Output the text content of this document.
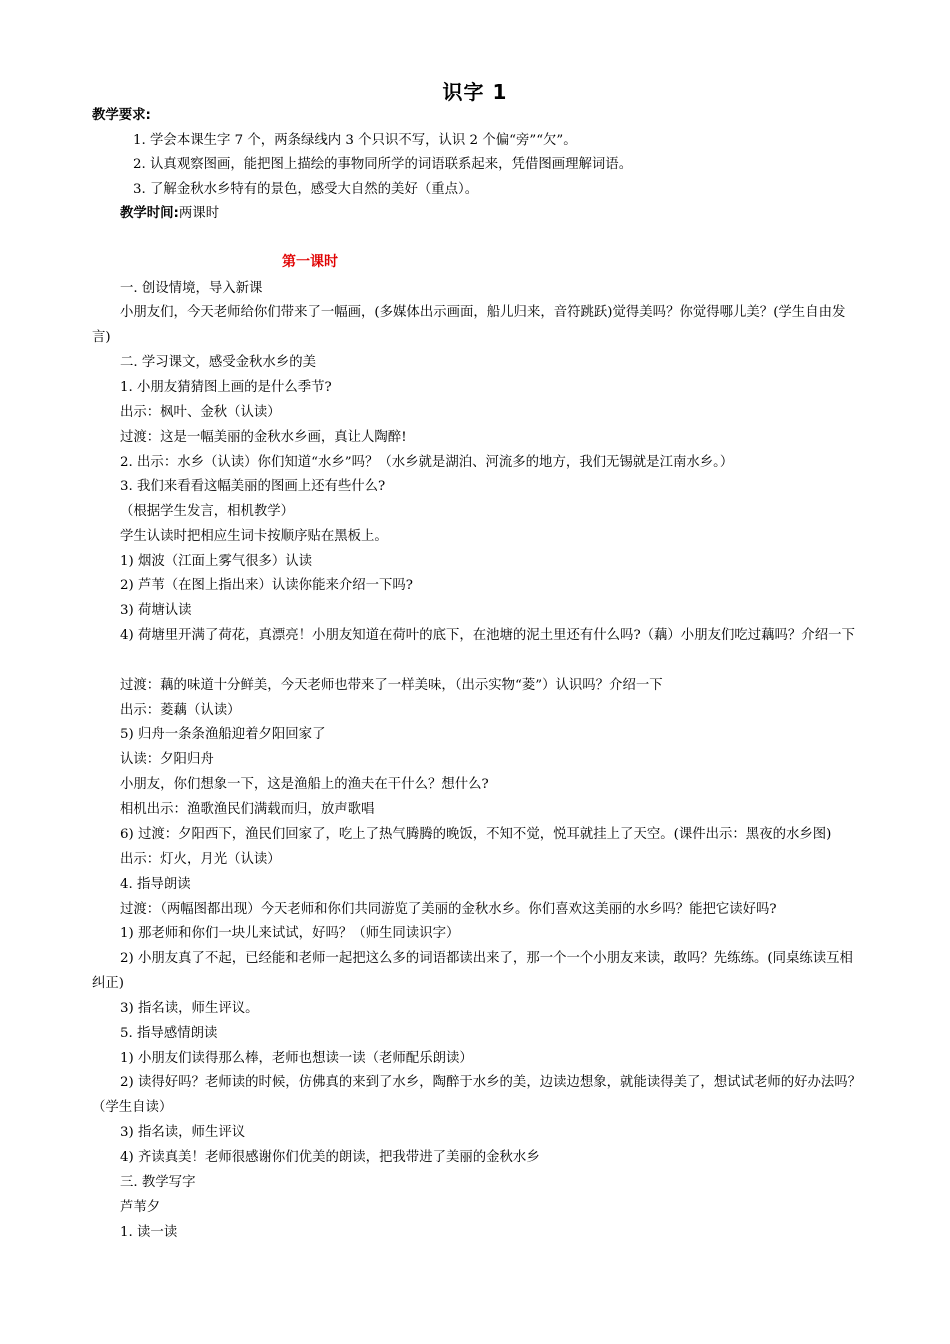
识字 1
教学要求:
1. 学会本课生字 7 个，两条绿线内 3 个只识不写，认识 2 个偏“旁”“欠”。
2. 认真观察图画，能把图上描绘的事物同所学的词语联系起来，凭借图画理解词语。
3. 了解金秋水乡特有的景色，感受大自然的美好（重点）。
教学时间:两课时
第一课时
一. 创设情境，导入新课
小朋友们，今天老师给你们带来了一幅画，(多媒体出示画面，船儿归来，音符跳跃)觉得美吗？你觉得哪儿美？(学生自由发言)
二. 学习课文，感受金秋水乡的美
1. 小朋友猜猜图上画的是什么季节?
出示：枫叶、金秋（认读）
过渡：这是一幅美丽的金秋水乡画，真让人陶醉!
2. 出示：水乡（认读）你们知道“水乡”吗？（水乡就是湖泊、河流多的地方，我们无锡就是江南水乡。）
3. 我们来看看这幅美丽的图画上还有些什么?
（根据学生发言，相机教学）
学生认读时把相应生词卡按顺序贴在黑板上。
1) 烟波（江面上雾气很多）认读
2) 芦苇（在图上指出来）认读你能来介绍一下吗?
3) 荷塘认读
4) 荷塘里开满了荷花，真漂亮！小朋友知道在荷叶的底下，在池塘的泥土里还有什么吗?（藕）小朋友们吃过藕吗？介绍一下
过渡：藕的味道十分鲜美，今天老师也带来了一样美味，（出示实物“菱”）认识吗？介绍一下
出示：菱藕（认读）
5) 归舟一条条渔船迎着夕阳回家了
认读：夕阳归舟
小朋友，你们想象一下，这是渔船上的渔夫在干什么？想什么?
相机出示：渔歌渔民们满载而归，放声歌唱
6) 过渡：夕阳西下，渔民们回家了，吃上了热气腾腾的晚饭，不知不觉，悦耳就挂上了天空。(课件出示：黑夜的水乡图)
出示：灯火，月光（认读）
4. 指导朗读
过渡：（两幅图都出现）今天老师和你们共同游览了美丽的金秋水乡。你们喜欢这美丽的水乡吗？能把它读好吗?
1) 那老师和你们一块儿来试试，好吗？（师生同读识字）
2) 小朋友真了不起，已经能和老师一起把这么多的词语都读出来了，那一个一个小朋友来读，敢吗？先练练。(同桌练读互相纠正)
3) 指名读，师生评议。
5. 指导感情朗读
1) 小朋友们读得那么棒，老师也想读一读（老师配乐朗读）
2) 读得好吗？老师读的时候，仿佛真的来到了水乡，陶醉于水乡的美，边读边想象，就能读得美了，想试试老师的好办法吗？（学生自读）
3) 指名读，师生评议
4) 齐读真美！老师很感谢你们优美的朗读，把我带进了美丽的金秋水乡
三. 教学写字
芦苇夕
1. 读一读
